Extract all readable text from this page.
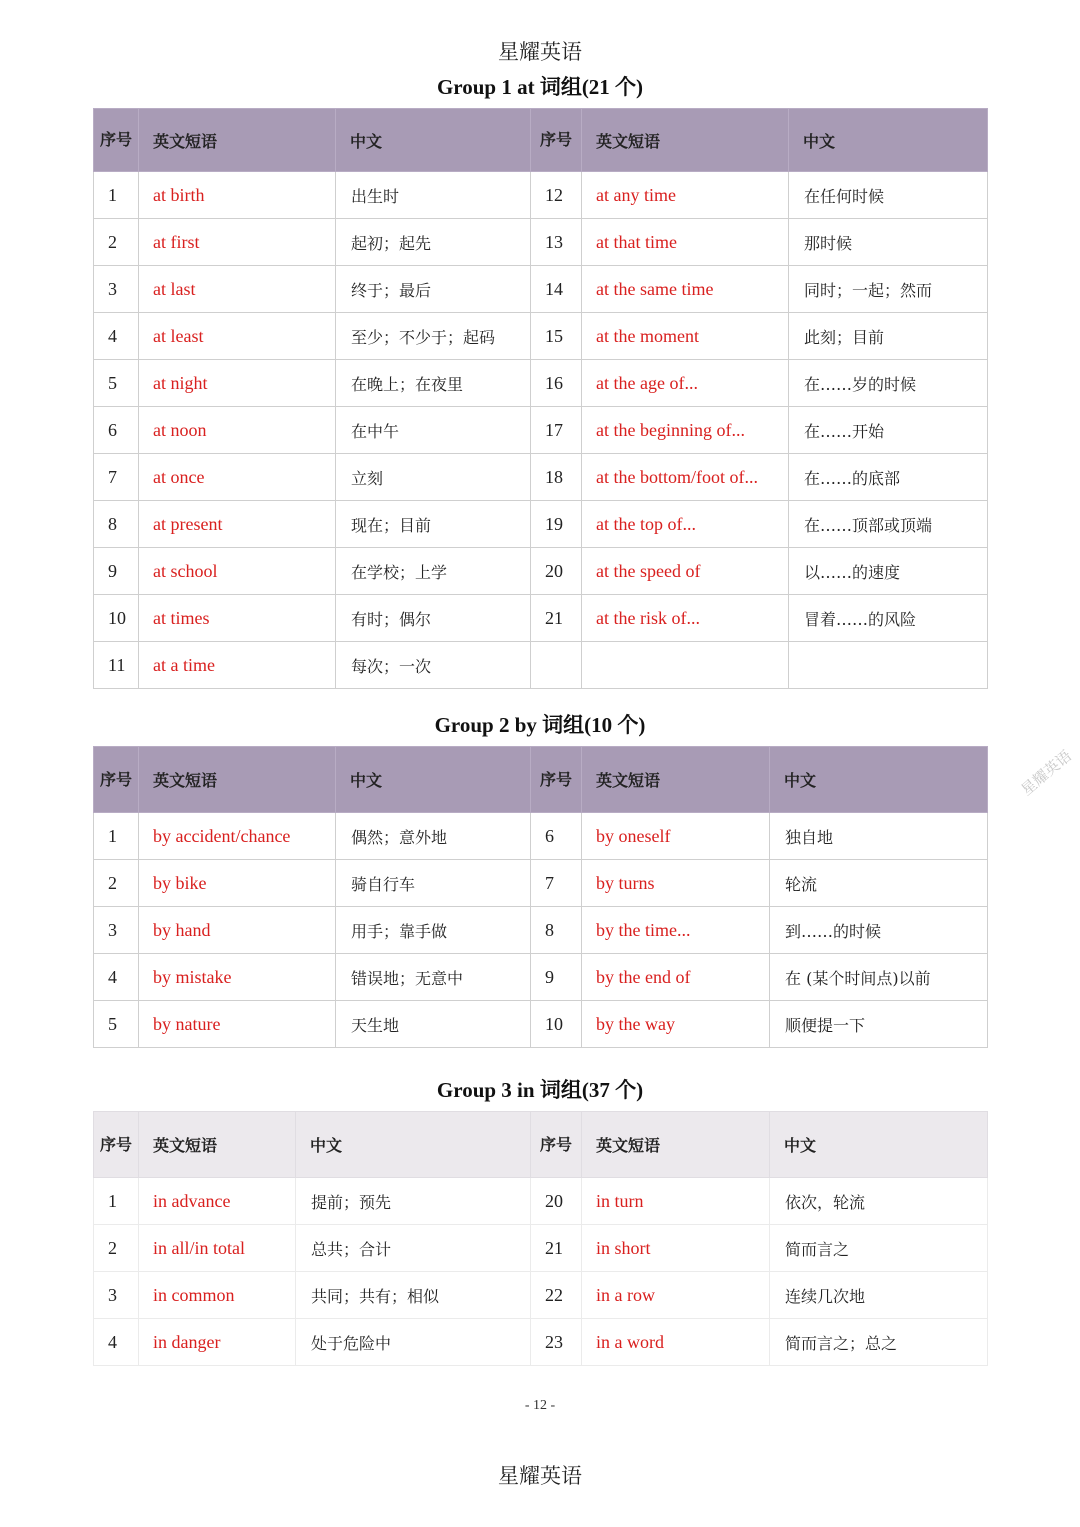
星耀英语
Group 1 at 词组(21 个)
序号	英文短语	中文	序号	英文短语	中文
1	at birth	出生时	12	at any time	在任何时候
2	at first	起初；起先	13	at that time	那时候
3	at last	终于；最后	14	at the same time	同时；一起；然而
4	at least	至少；不少于；起码	15	at the moment	此刻；目前
5	at night	在晚上；在夜里	16	at the age of...	在……岁的时候
6	at noon	在中午	17	at the beginning of...	在……开始
7	at once	立刻	18	at the bottom/foot of...	在……的底部
8	at present	现在；目前	19	at the top of...	在……顶部或顶端
9	at school	在学校；上学	20	at the speed of	以……的速度
10	at times	有时；偶尔	21	at the risk of...	冒着……的风险
11	at a time	每次；一次			
Group 2 by 词组(10 个)
序号	英文短语	中文	序号	英文短语	中文
1	by accident/chance	偶然；意外地	6	by oneself	独自地
2	by bike	骑自行车	7	by turns	轮流
3	by hand	用手；靠手做	8	by the time...	到……的时候
4	by mistake	错误地；无意中	9	by the end of	在 (某个时间点)以前
5	by nature	天生地	10	by the way	顺便提一下
Group 3 in 词组(37 个)
序号	英文短语	中文	序号	英文短语	中文
1	in advance	提前；预先	20	in turn	依次，轮流
2	in all/in total	总共；合计	21	in short	简而言之
3	in common	共同；共有；相似	22	in a row	连续几次地
4	in danger	处于危险中	23	in a word	简而言之；总之
星耀英语
- 12 -
星耀英语
